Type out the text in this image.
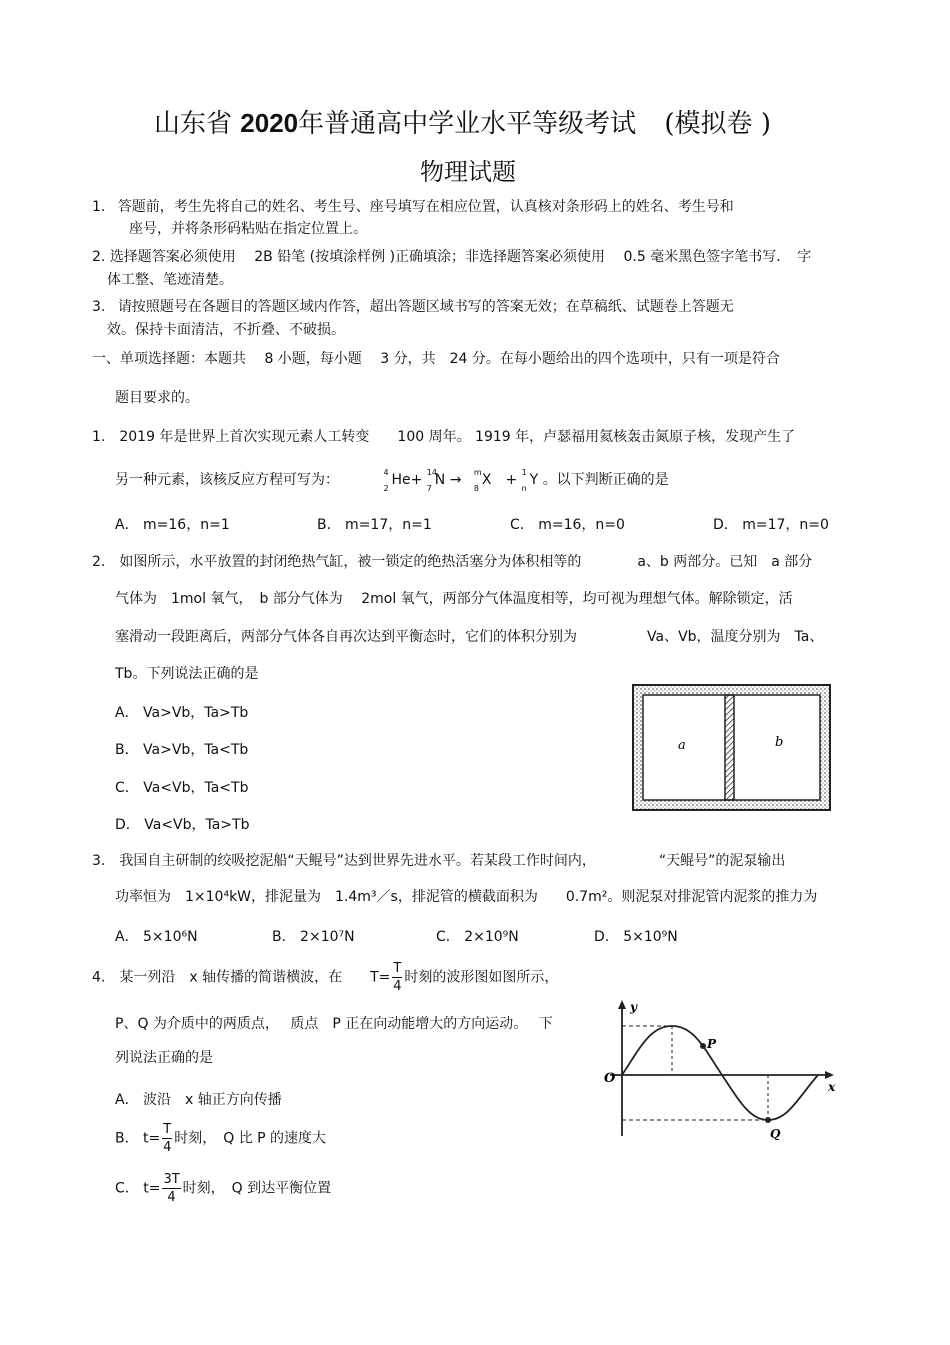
山东省 2020年普通高中学业水平等级考试 (模拟卷 )
物理试题
1. 答题前，考生先将自己的姓名、考生号、座号填写在相应位置，认真核对条形码上的姓名、考生号和
座号，并将条形码粘贴在指定位置上。
2. 选择题答案必须使用　 2B 铅笔 (按填涂样例 )正确填涂；非选择题答案必须使用　 0.5 毫米黑色签字笔书写．　字
体工整、笔迹清楚。
3. 请按照题号在各题目的答题区域内作答，超出答题区域书写的答案无效；在草稿纸、试题卷上答题无
效。保持卡面清洁，不折叠、不破损。
一、单项选择题：本题共　 8 小题，每小题　 3 分，共　24 分。在每小题给出的四个选项中，只有一项是符合
题目要求的。
1.　2019 年是世界上首次实现元素人工转变　　100 周年。 1919 年，卢瑟福用氦核轰击氮原子核，发现产生了
另一种元素，该核反应方程可写为：	4
2
He+ 14
7
N → m
8
X　+ 1
n
Y 。以下判断正确的是
A． m=16，n=1	B． m=17，n=1	C． m=16，n=0	D． m=17，n=0
2.　如图所示，水平放置的封闭绝热气缸，被一锁定的绝热活塞分为体积相等的　　　　a、b 两部分。已知　a 部分
气体为　1mol 氧气，　b 部分气体为　 2mol 氧气，两部分气体温度相等，均可视为理想气体。解除锁定，活
塞滑动一段距离后，两部分气体各自再次达到平衡态时，它们的体积分别为　　　　　Va、Vb，温度分别为　Ta、
Tb。下列说法正确的是
A． Va>Vb，Ta>Tb
B． Va>Vb，Ta<Tb
C． Va<Vb，Ta<Tb
D． Va<Vb，Ta>Tb
a	b
3.　我国自主研制的绞吸挖泥船“天鲲号”达到世界先进水平。若某段工作时间内，　　　　　“天鲲号”的泥泵输出
功率恒为　1×10⁴kW，排泥量为　1.4m³／s，排泥管的横截面积为　　0.7m²。则泥泵对排泥管内泥浆的推力为
A． 5×10⁶N	B． 2×10⁷N	C． 2×10⁹N	D． 5×10⁹N
4.　某一列沿　x 轴传播的简谐横波，在　　$T= \frac{T}{4}$ 时刻的波形图如图所示，
P、Q 为介质中的两质点，　 质点　P 正在向动能增大的方向运动。　 下
列说法正确的是
A． 波沿　x 轴正方向传播
B． $t= \frac{T}{4}$ 时刻，　Q 比 P 的速度大
C． $t= \frac{3T}{4}$ 时刻，　Q 到达平衡位置
y
x
O
P
Q
